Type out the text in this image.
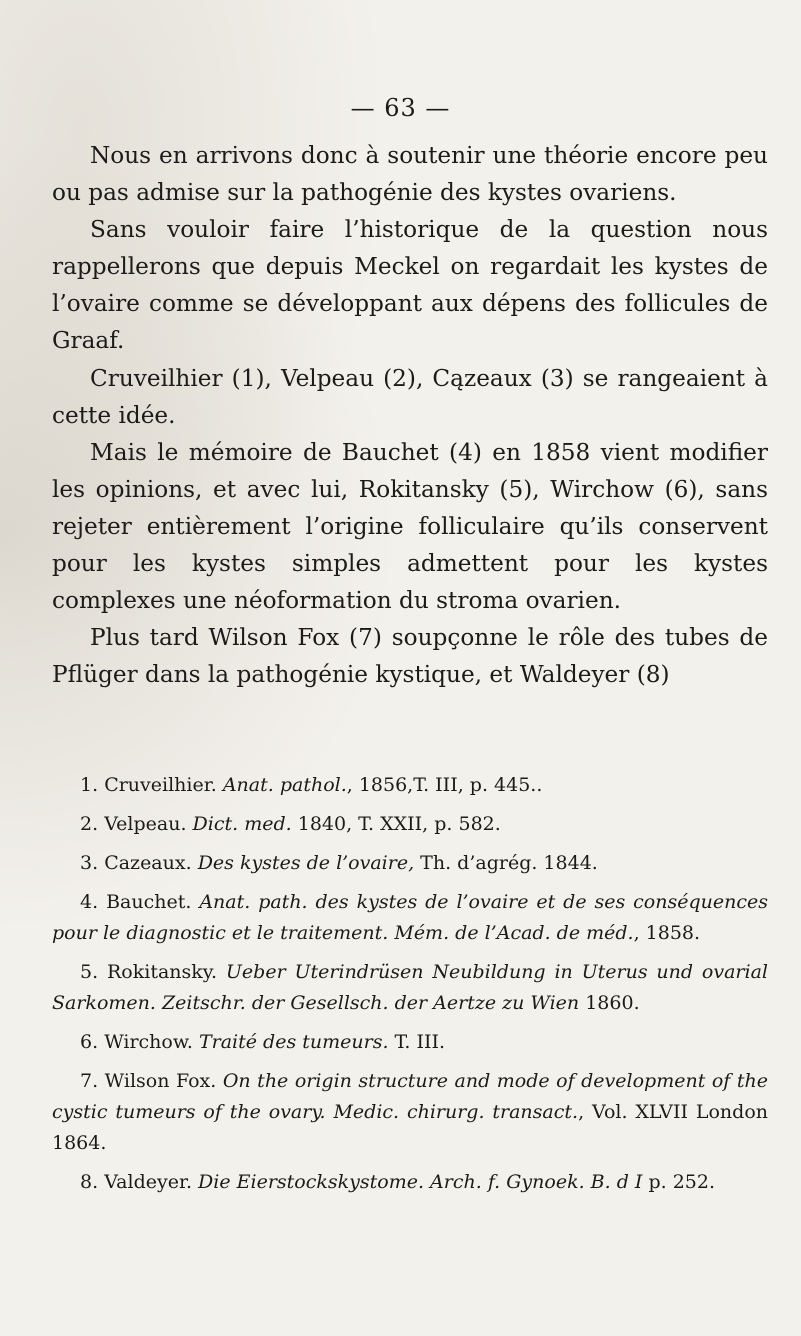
— 63 —

Nous en arrivons donc à soutenir une théorie encore peu ou pas admise sur la pathogénie des kystes ovariens.

Sans vouloir faire l’historique de la question nous rappellerons que depuis Meckel on regardait les kystes de l’ovaire comme se développant aux dépens des follicules de Graaf.

Cruveilhier (1), Velpeau (2), Cązeaux (3) se rangeaient à cette idée.

Mais le mémoire de Bauchet (4) en 1858 vient modifier les opinions, et avec lui, Rokitansky (5), Wirchow (6), sans rejeter entièrement l’origine folliculaire qu’ils conservent pour les kystes simples admettent pour les kystes complexes une néoformation du stroma ovarien.

Plus tard Wilson Fox (7) soupçonne le rôle des tubes de Pflüger dans la pathogénie kystique, et Waldeyer (8)

1. Cruveilhier. Anat. pathol., 1856,T. III, p. 445..

2. Velpeau. Dict. med. 1840, T. XXII, p. 582.

3. Cazeaux. Des kystes de l’ovaire, Th. d’agrég. 1844.

4. Bauchet. Anat. path. des kystes de l’ovaire et de ses conséquences pour le diagnostic et le traitement. Mém. de l’Acad. de méd., 1858.

5. Rokitansky. Ueber Uterindrüsen Neubildung in Uterus und ovarial Sarkomen. Zeitschr. der Gesellsch. der Aertze zu Wien 1860.

6. Wirchow. Traité des tumeurs. T. III.

7. Wilson Fox. On the origin structure and mode of development of the cystic tumeurs of the ovary. Medic. chirurg. transact., Vol. XLVII London 1864.

8. Valdeyer. Die Eierstockskystome. Arch. f. Gynoek. B. d I p. 252.
